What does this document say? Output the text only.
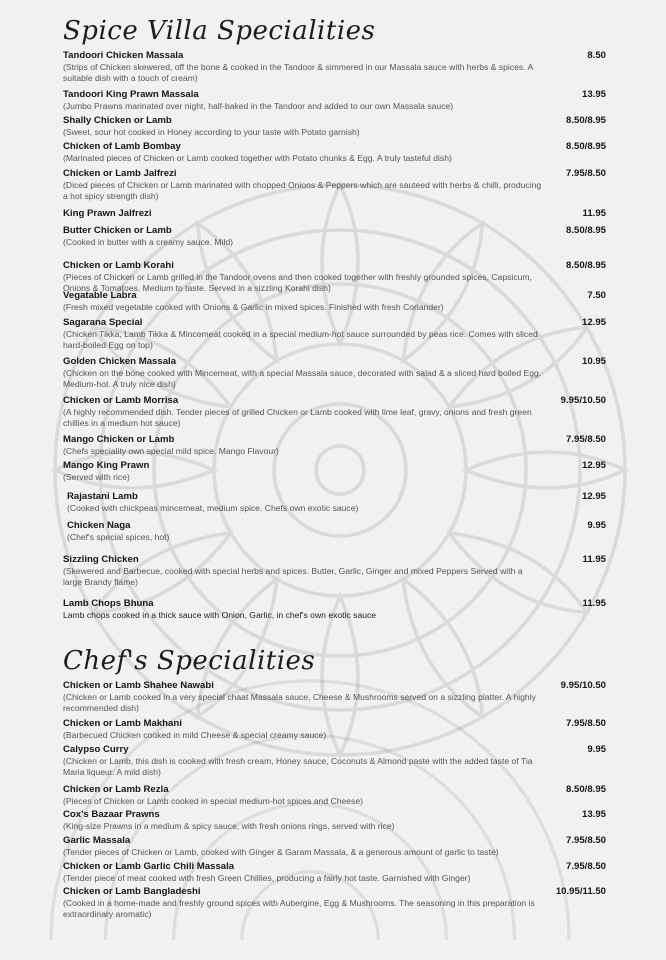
Spice Villa Specialities
Tandoori Chicken Massala	8.50
(Strips of Chicken skewered, off the bone & cooked in the Tandoor & simmered in our Massala sauce with herbs & spices. A suitable dish with a touch of cream)
Tandoori King Prawn Massala	13.95
(Jumbo Prawns marinated over night, half-baked in the Tandoor and added to our own Massala sauce)
Shally Chicken or Lamb	8.50/8.95
(Sweet, sour hot cooked in Honey according to your taste with Potato garnish)
Chicken of Lamb Bombay	8.50/8.95
(Marinated pieces of Chicken or Lamb cooked together with Potato chunks & Egg. A truly tasteful dish)
Chicken or Lamb Jalfrezi	7.95/8.50
(Diced pieces of Chicken or Lamb marinated with chopped Onions & Peppers which are sauteed with herbs & chilli, producing a hot spicy strength dish)
King Prawn Jalfrezi	11.95
Butter Chicken or Lamb	8.50/8.95
(Cooked in butter with a creamy sauce. Mild)
Chicken or Lamb Korahi	8.50/8.95
(Pieces of Chicken or Lamb grilled in the Tandoor ovens and then cooked together with freshly grounded spices, Capsicum, Onions & Tomatoes. Medium to taste. Served in a sizzling Korahi dish)
Vegatable Labra	7.50
(Fresh mixed vegetable cooked with Onions & Garlic in mixed spices. Finished with fresh Coriander)
Sagarana Special	12.95
(Chicken Tikka, Lamb Tikka & Mincemeat cooked in a special medium-hot sauce surrounded by peas rice. Comes with sliced hard-boiled Egg on top)
Golden Chicken Massala	10.95
(Chicken on the bone cooked with Mincemeat, with a special Massala sauce, decorated with salad & a sliced hard boiled Egg. Medium-hot. A truly nice dish)
Chicken or Lamb Morrisa	9.95/10.50
(A highly recommended dish. Tender pieces of grilled Chicken or Lamb cooked with lime leaf, gravy, onions and fresh green chillies in a medium hot sauce)
Mango Chicken or Lamb	7.95/8.50
(Chefs speciality own special mild spice. Mango Flavour)
Mango King Prawn	12.95
(Served with rice)
Rajastani Lamb	12.95
(Cooked with chickpeas mincemeat, medium spice. Chefs own exotic sauce)
Chicken Naga	9.95
(Chef's special spices, hot)
Sizzling Chicken	11.95
(Skewered and Barbecue, cooked with special herbs and spices. Butter, Garlic, Ginger and mixed Peppers Served with a large Brandy flame)
Lamb Chops Bhuna	11.95
Lamb chops cooked in a thick sauce with Onion, Garlic, in chef's own exotic sauce
Chef's Specialities
Chicken or Lamb Shahee Nawabi	9.95/10.50
(Chicken or Lamb cooked in a very special chaat Massala sauce, Cheese & Mushrooms served on a sizzling platter. A highly recommended dish)
Chicken or Lamb Makhani	7.95/8.50
(Barbecued Chicken cooked in mild Cheese & special creamy sauce)
Calypso Curry	9.95
(Chicken or Lamb, this dish is cooked with fresh cream, Honey sauce, Coconuts & Almond paste with the added taste of Tia Maria liqueur. A mild dish)
Chicken or Lamb Rezla	8.50/8.95
(Pieces of Chicken or Lamb cooked in special medium-hot spices and Cheese)
Cox's Bazaar Prawns	13.95
(King-size Prawns in a medium & spicy sauce, with fresh onions rings, served with rice)
Garlic Massala	7.95/8.50
(Tender pieces of Chicken or Lamb, cooked with Ginger & Garam Massala, & a generous amount of garlic to taste)
Chicken or Lamb Garlic Chili Massala	7.95/8.50
(Tender piece of meat cooked with fresh Green Chillies, producing a fairly hot taste. Garnished with Ginger)
Chicken or Lamb Bangladeshi	10.95/11.50
(Cooked in a home-made and freshly ground spices with Aubergine, Egg & Mushrooms. The seasoning in this preparation is extraordinary aromatic)
